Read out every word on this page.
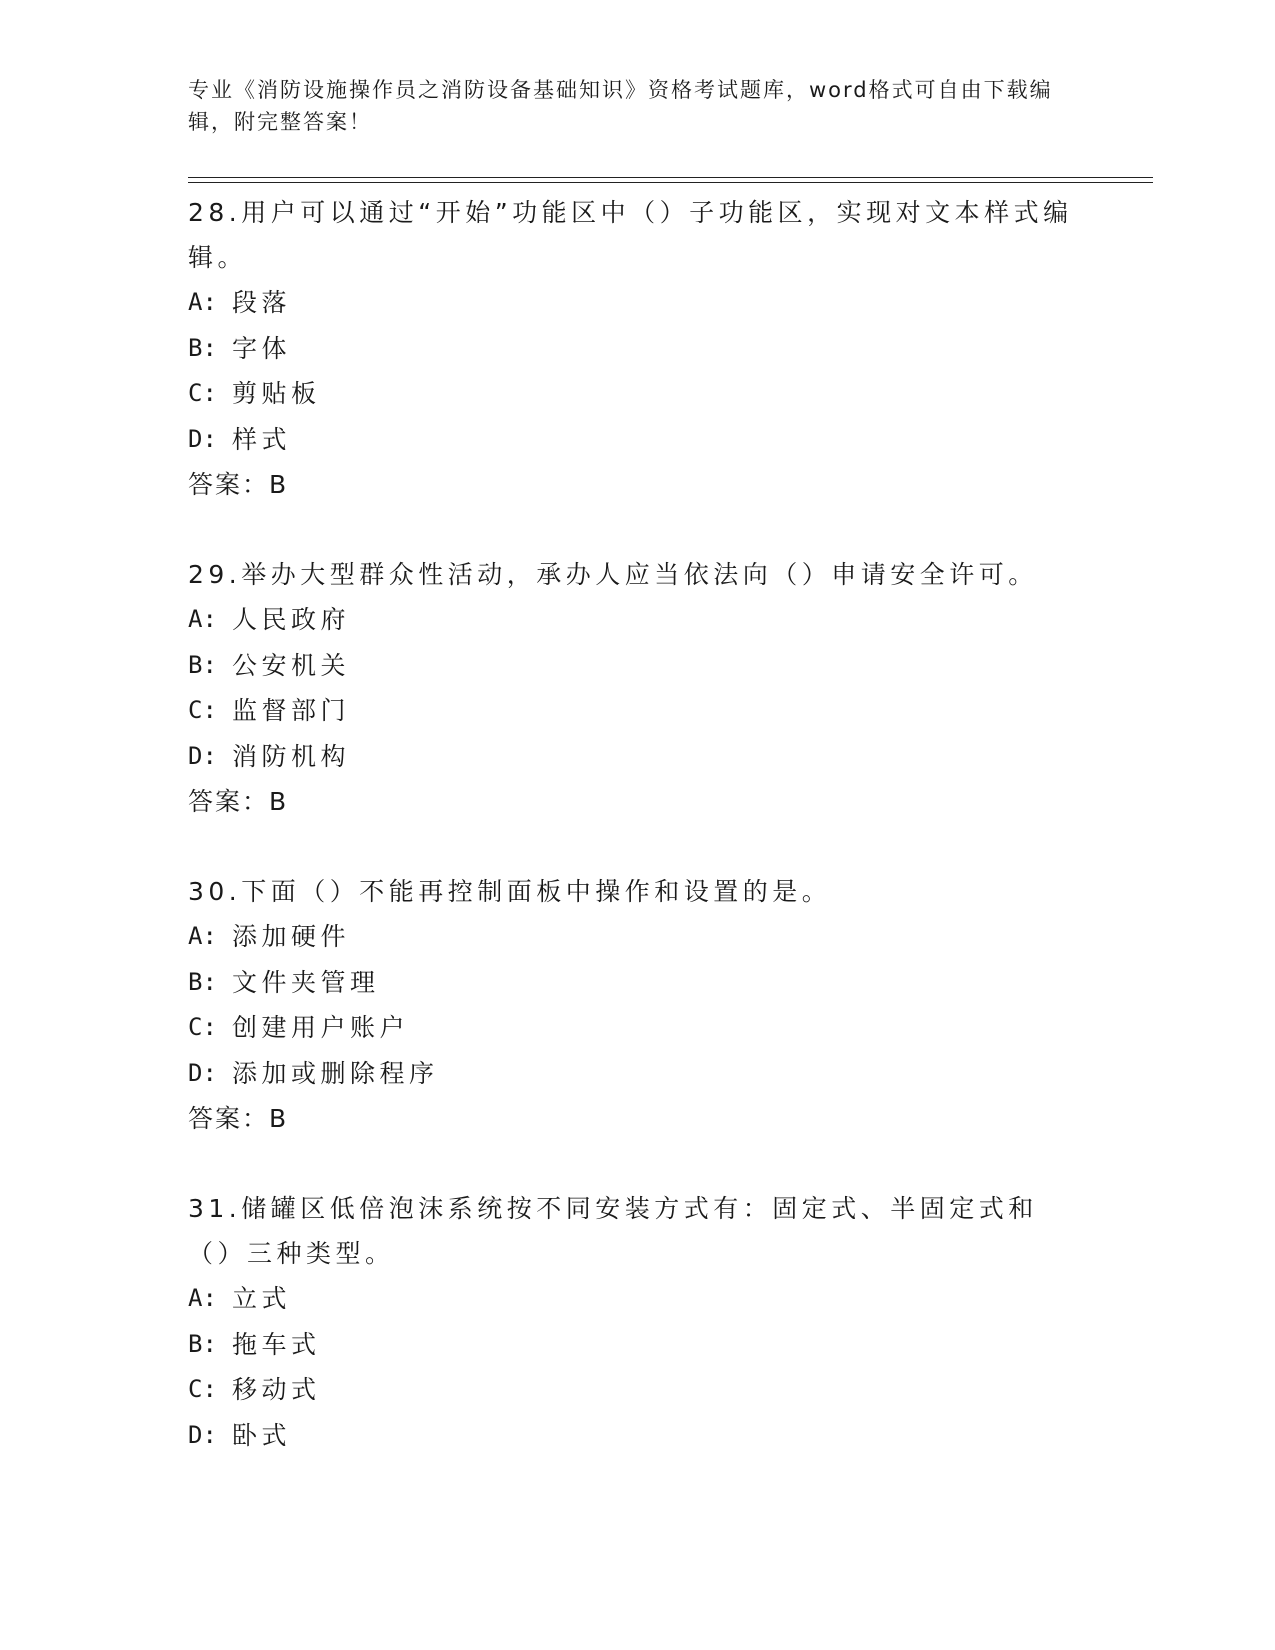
专业《消防设施操作员之消防设备基础知识》资格考试题库，word格式可自由下载编辑，附完整答案！
28.用户可以通过“开始”功能区中（）子功能区，实现对文本样式编辑。
A: 段落
B: 字体
C: 剪贴板
D: 样式
答案：B
29.举办大型群众性活动，承办人应当依法向（）申请安全许可。
A: 人民政府
B: 公安机关
C: 监督部门
D: 消防机构
答案：B
30.下面（）不能再控制面板中操作和设置的是。
A: 添加硬件
B: 文件夹管理
C: 创建用户账户
D: 添加或删除程序
答案：B
31.储罐区低倍泡沫系统按不同安装方式有：固定式、半固定式和（）三种类型。
A: 立式
B: 拖车式
C: 移动式
D: 卧式
